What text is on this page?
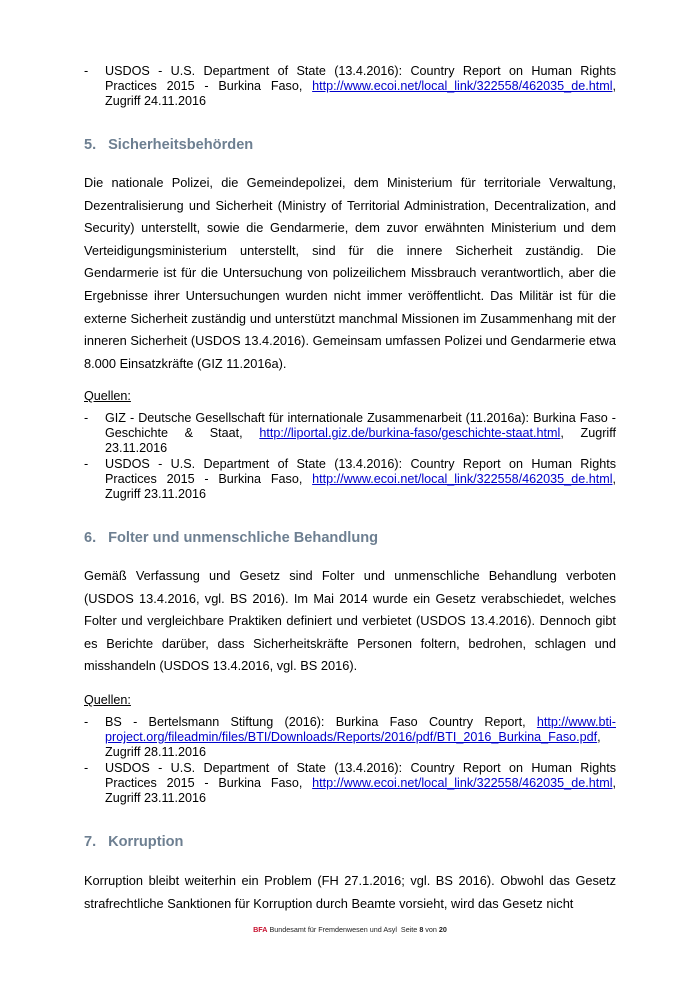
- USDOS - U.S. Department of State (13.4.2016): Country Report on Human Rights Practices 2015 - Burkina Faso, http://www.ecoi.net/local_link/322558/462035_de.html, Zugriff 24.11.2016
5. Sicherheitsbehörden
Die nationale Polizei, die Gemeindepolizei, dem Ministerium für territoriale Verwaltung, Dezentralisierung und Sicherheit (Ministry of Territorial Administration, Decentralization, and Security) unterstellt, sowie die Gendarmerie, dem zuvor erwähnten Ministerium und dem Verteidigungsministerium unterstellt, sind für die innere Sicherheit zuständig. Die Gendarmerie ist für die Untersuchung von polizeilichem Missbrauch verantwortlich, aber die Ergebnisse ihrer Untersuchungen wurden nicht immer veröffentlicht. Das Militär ist für die externe Sicherheit zuständig und unterstützt manchmal Missionen im Zusammenhang mit der inneren Sicherheit (USDOS 13.4.2016). Gemeinsam umfassen Polizei und Gendarmerie etwa 8.000 Einsatzkräfte (GIZ 11.2016a).
Quellen:
- GIZ - Deutsche Gesellschaft für internationale Zusammenarbeit (11.2016a): Burkina Faso - Geschichte & Staat, http://liportal.giz.de/burkina-faso/geschichte-staat.html, Zugriff 23.11.2016
- USDOS - U.S. Department of State (13.4.2016): Country Report on Human Rights Practices 2015 - Burkina Faso, http://www.ecoi.net/local_link/322558/462035_de.html, Zugriff 23.11.2016
6. Folter und unmenschliche Behandlung
Gemäß Verfassung und Gesetz sind Folter und unmenschliche Behandlung verboten (USDOS 13.4.2016, vgl. BS 2016). Im Mai 2014 wurde ein Gesetz verabschiedet, welches Folter und vergleichbare Praktiken definiert und verbietet (USDOS 13.4.2016). Dennoch gibt es Berichte darüber, dass Sicherheitskräfte Personen foltern, bedrohen, schlagen und misshandeln (USDOS 13.4.2016, vgl. BS 2016).
Quellen:
- BS - Bertelsmann Stiftung (2016): Burkina Faso Country Report, http://www.bti-project.org/fileadmin/files/BTI/Downloads/Reports/2016/pdf/BTI_2016_Burkina_Faso.pdf, Zugriff 28.11.2016
- USDOS - U.S. Department of State (13.4.2016): Country Report on Human Rights Practices 2015 - Burkina Faso, http://www.ecoi.net/local_link/322558/462035_de.html, Zugriff 23.11.2016
7. Korruption
Korruption bleibt weiterhin ein Problem (FH 27.1.2016; vgl. BS 2016). Obwohl das Gesetz strafrechtliche Sanktionen für Korruption durch Beamte vorsieht, wird das Gesetz nicht
BFA Bundesamt für Fremdenwesen und Asyl Seite 8 von 20
